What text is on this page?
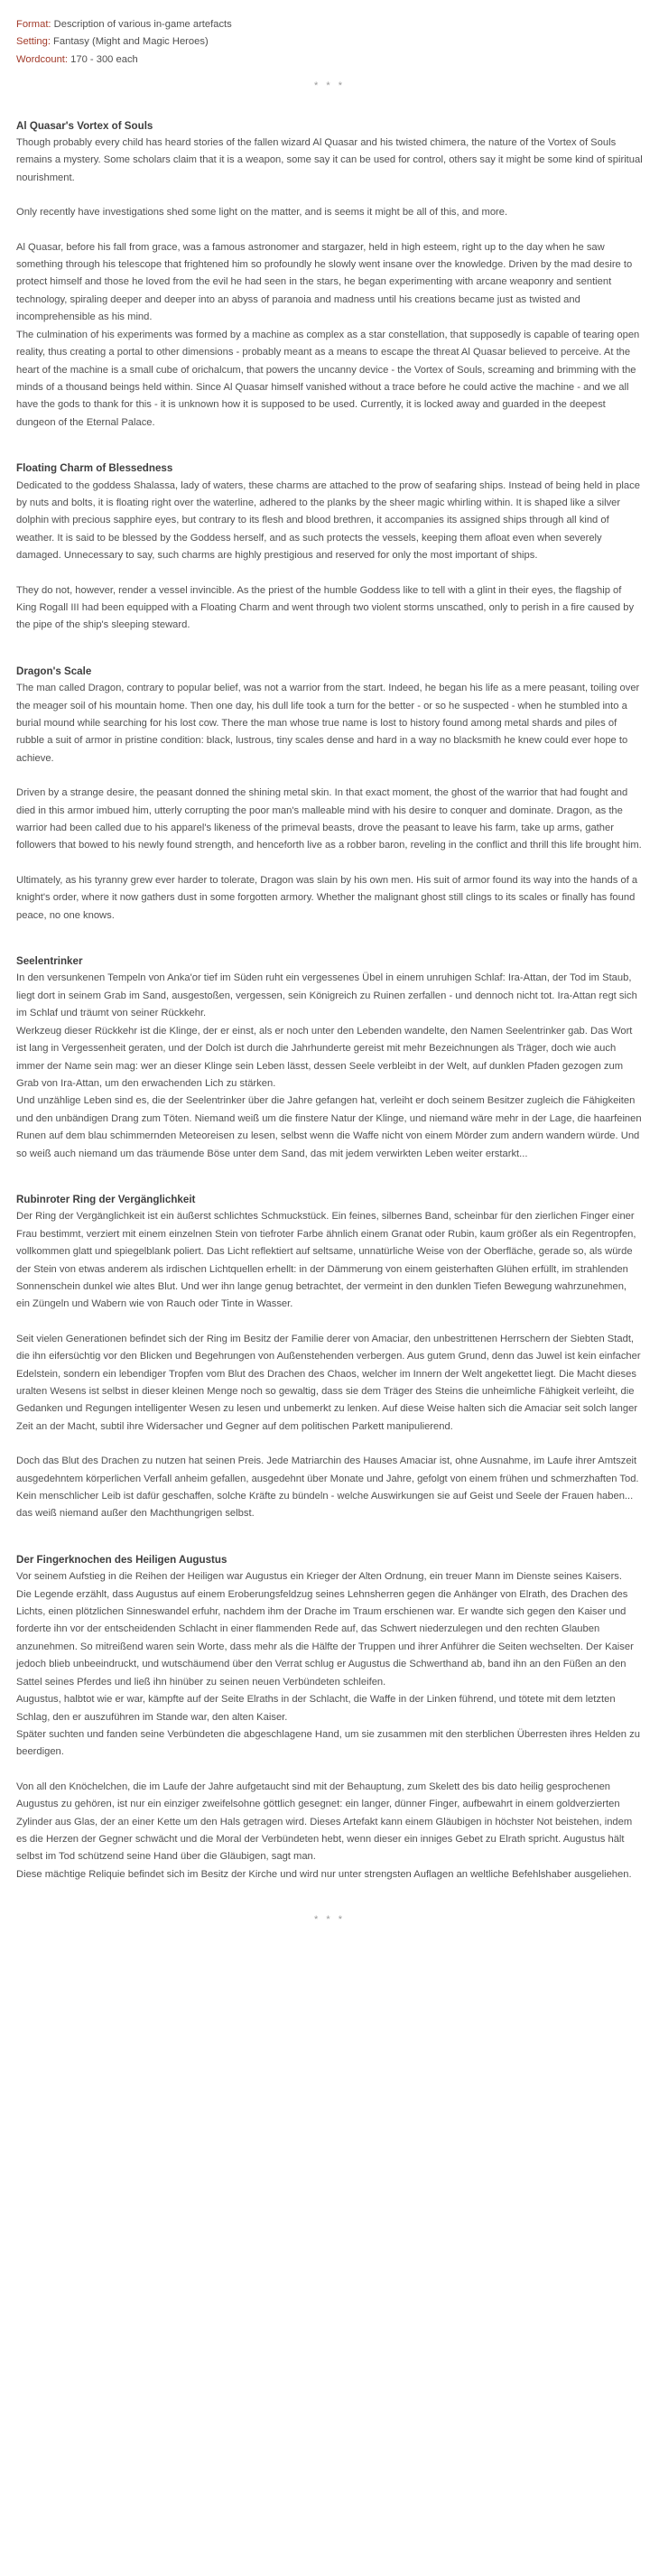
Format: Description of various in-game artefacts

Setting: Fantasy (Might and Magic Heroes)

Wordcount: 170 - 300 each

* * *

Al Quasar's Vortex of Souls

Though probably every child has heard stories of the fallen wizard Al Quasar and his twisted chimera, the nature of the Vortex of Souls remains a mystery. Some scholars claim that it is a weapon, some say it can be used for control, others say it might be some kind of spiritual nourishment.

Only recently have investigations shed some light on the matter, and is seems it might be all of this, and more.

Al Quasar, before his fall from grace, was a famous astronomer and stargazer, held in high esteem, right up to the day when he saw something through his telescope that frightened him so profoundly he slowly went insane over the knowledge. Driven by the mad desire to protect himself and those he loved from the evil he had seen in the stars, he began experimenting with arcane weaponry and sentient technology, spiraling deeper and deeper into an abyss of paranoia and madness until his creations became just as twisted and incomprehensible as his mind.

The culmination of his experiments was formed by a machine as complex as a star constellation, that supposedly is capable of tearing open reality, thus creating a portal to other dimensions - probably meant as a means to escape the threat Al Quasar believed to perceive. At the heart of the machine is a small cube of orichalcum, that powers the uncanny device - the Vortex of Souls, screaming and brimming with the minds of a thousand beings held within. Since Al Quasar himself vanished without a trace before he could active the machine - and we all have the gods to thank for this - it is unknown how it is supposed to be used. Currently, it is locked away and guarded in the deepest dungeon of the Eternal Palace.

Floating Charm of Blessedness

Dedicated to the goddess Shalassa, lady of waters, these charms are attached to the prow of seafaring ships. Instead of being held in place by nuts and bolts, it is floating right over the waterline, adhered to the planks by the sheer magic whirling within. It is shaped like a silver dolphin with precious sapphire eyes, but contrary to its flesh and blood brethren, it accompanies its assigned ships through all kind of weather. It is said to be blessed by the Goddess herself, and as such protects the vessels, keeping them afloat even when severely damaged. Unnecessary to say, such charms are highly prestigious and reserved for only the most important of ships.

They do not, however, render a vessel invincible. As the priest of the humble Goddess like to tell with a glint in their eyes, the flagship of King Rogall III had been equipped with a Floating Charm and went through two violent storms unscathed, only to perish in a fire caused by the pipe of the ship's sleeping steward.

Dragon's Scale

The man called Dragon, contrary to popular belief, was not a warrior from the start. Indeed, he began his life as a mere peasant, toiling over the meager soil of his mountain home. Then one day, his dull life took a turn for the better - or so he suspected - when he stumbled into a burial mound while searching for his lost cow. There the man whose true name is lost to history found among metal shards and piles of rubble a suit of armor in pristine condition: black, lustrous, tiny scales dense and hard in a way no blacksmith he knew could ever hope to achieve.

Driven by a strange desire, the peasant donned the shining metal skin. In that exact moment, the ghost of the warrior that had fought and died in this armor imbued him, utterly corrupting the poor man's malleable mind with his desire to conquer and dominate. Dragon, as the warrior had been called due to his apparel's likeness of the primeval beasts, drove the peasant to leave his farm, take up arms, gather followers that bowed to his newly found strength, and henceforth live as a robber baron, reveling in the conflict and thrill this life brought him.

Ultimately, as his tyranny grew ever harder to tolerate, Dragon was slain by his own men. His suit of armor found its way into the hands of a knight's order, where it now gathers dust in some forgotten armory. Whether the malignant ghost still clings to its scales or finally has found peace, no one knows.

Seelentrinker

In den versunkenen Tempeln von Anka'or tief im Süden ruht ein vergessenes Übel in einem unruhigen Schlaf: Ira-Attan, der Tod im Staub, liegt dort in seinem Grab im Sand, ausgestoßen, vergessen, sein Königreich zu Ruinen zerfallen - und dennoch nicht tot. Ira-Attan regt sich im Schlaf und träumt von seiner Rückkehr.

Werkzeug dieser Rückkehr ist die Klinge, der er einst, als er noch unter den Lebenden wandelte, den Namen Seelentrinker gab. Das Wort ist lang in Vergessenheit geraten, und der Dolch ist durch die Jahrhunderte gereist mit mehr Bezeichnungen als Träger, doch wie auch immer der Name sein mag: wer an dieser Klinge sein Leben lässt, dessen Seele verbleibt in der Welt, auf dunklen Pfaden gezogen zum Grab von Ira-Attan, um den erwachenden Lich zu stärken.

Und unzählige Leben sind es, die der Seelentrinker über die Jahre gefangen hat, verleiht er doch seinem Besitzer zugleich die Fähigkeiten und den unbändigen Drang zum Töten. Niemand weiß um die finstere Natur der Klinge, und niemand wäre mehr in der Lage, die haarfeinen Runen auf dem blau schimmernden Meteoreisen zu lesen, selbst wenn die Waffe nicht von einem Mörder zum andern wandern würde. Und so weiß auch niemand um das träumende Böse unter dem Sand, das mit jedem verwirkten Leben weiter erstarkt...

Rubinroter Ring der Vergänglichkeit

Der Ring der Vergänglichkeit ist ein äußerst schlichtes Schmuckstück. Ein feines, silbernes Band, scheinbar für den zierlichen Finger einer Frau bestimmt, verziert mit einem einzelnen Stein von tiefroter Farbe ähnlich einem Granat oder Rubin, kaum größer als ein Regentropfen, vollkommen glatt und spiegelblank poliert. Das Licht reflektiert auf seltsame, unnatürliche Weise von der Oberfläche, gerade so, als würde der Stein von etwas anderem als irdischen Lichtquellen erhellt: in der Dämmerung von einem geisterhaften Glühen erfüllt, im strahlenden Sonnenschein dunkel wie altes Blut. Und wer ihn lange genug betrachtet, der vermeint in den dunklen Tiefen Bewegung wahrzunehmen, ein Züngeln und Wabern wie von Rauch oder Tinte in Wasser.

Seit vielen Generationen befindet sich der Ring im Besitz der Familie derer von Amaciar, den unbestrittenen Herrschern der Siebten Stadt, die ihn eifersüchtig vor den Blicken und Begehrungen von Außenstehenden verbergen. Aus gutem Grund, denn das Juwel ist kein einfacher Edelstein, sondern ein lebendiger Tropfen vom Blut des Drachen des Chaos, welcher im Innern der Welt angekettet liegt. Die Macht dieses uralten Wesens ist selbst in dieser kleinen Menge noch so gewaltig, dass sie dem Träger des Steins die unheimliche Fähigkeit verleiht, die Gedanken und Regungen intelligenter Wesen zu lesen und unbemerkt zu lenken. Auf diese Weise halten sich die Amaciar seit solch langer Zeit an der Macht, subtil ihre Widersacher und Gegner auf dem politischen Parkett manipulierend.

Doch das Blut des Drachen zu nutzen hat seinen Preis. Jede Matriarchin des Hauses Amaciar ist, ohne Ausnahme, im Laufe ihrer Amtszeit ausgedehntem körperlichen Verfall anheim gefallen, ausgedehnt über Monate und Jahre, gefolgt von einem frühen und schmerzhaften Tod. Kein menschlicher Leib ist dafür geschaffen, solche Kräfte zu bündeln - welche Auswirkungen sie auf Geist und Seele der Frauen haben... das weiß niemand außer den Machthungrigen selbst.

Der Fingerknochen des Heiligen Augustus

Vor seinem Aufstieg in die Reihen der Heiligen war Augustus ein Krieger der Alten Ordnung, ein treuer Mann im Dienste seines Kaisers.

Die Legende erzählt, dass Augustus auf einem Eroberungsfeldzug seines Lehnsherren gegen die Anhänger von Elrath, des Drachen des Lichts, einen plötzlichen Sinneswandel erfuhr, nachdem ihm der Drache im Traum erschienen war. Er wandte sich gegen den Kaiser und forderte ihn vor der entscheidenden Schlacht in einer flammenden Rede auf, das Schwert niederzulegen und den rechten Glauben anzunehmen. So mitreißend waren sein Worte, dass mehr als die Hälfte der Truppen und ihrer Anführer die Seiten wechselten. Der Kaiser jedoch blieb unbeeindruckt, und wutschäumend über den Verrat schlug er Augustus die Schwerthand ab, band ihn an den Füßen an den Sattel seines Pferdes und ließ ihn hinüber zu seinen neuen Verbündeten schleifen.

Augustus, halbtot wie er war, kämpfte auf der Seite Elraths in der Schlacht, die Waffe in der Linken führend, und tötete mit dem letzten Schlag, den er auszuführen im Stande war, den alten Kaiser.

Später suchten und fanden seine Verbündeten die abgeschlagene Hand, um sie zusammen mit den sterblichen Überresten ihres Helden zu beerdigen.

Von all den Knöchelchen, die im Laufe der Jahre aufgetaucht sind mit der Behauptung, zum Skelett des bis dato heilig gesprochenen Augustus zu gehören, ist nur ein einziger zweifelsohne göttlich gesegnet: ein langer, dünner Finger, aufbewahrt in einem goldverzierten Zylinder aus Glas, der an einer Kette um den Hals getragen wird. Dieses Artefakt kann einem Gläubigen in höchster Not beistehen, indem es die Herzen der Gegner schwächt und die Moral der Verbündeten hebt, wenn dieser ein inniges Gebet zu Elrath spricht. Augustus hält selbst im Tod schützend seine Hand über die Gläubigen, sagt man.

Diese mächtige Reliquie befindet sich im Besitz der Kirche und wird nur unter strengsten Auflagen an weltliche Befehlshaber ausgeliehen.

* * *
